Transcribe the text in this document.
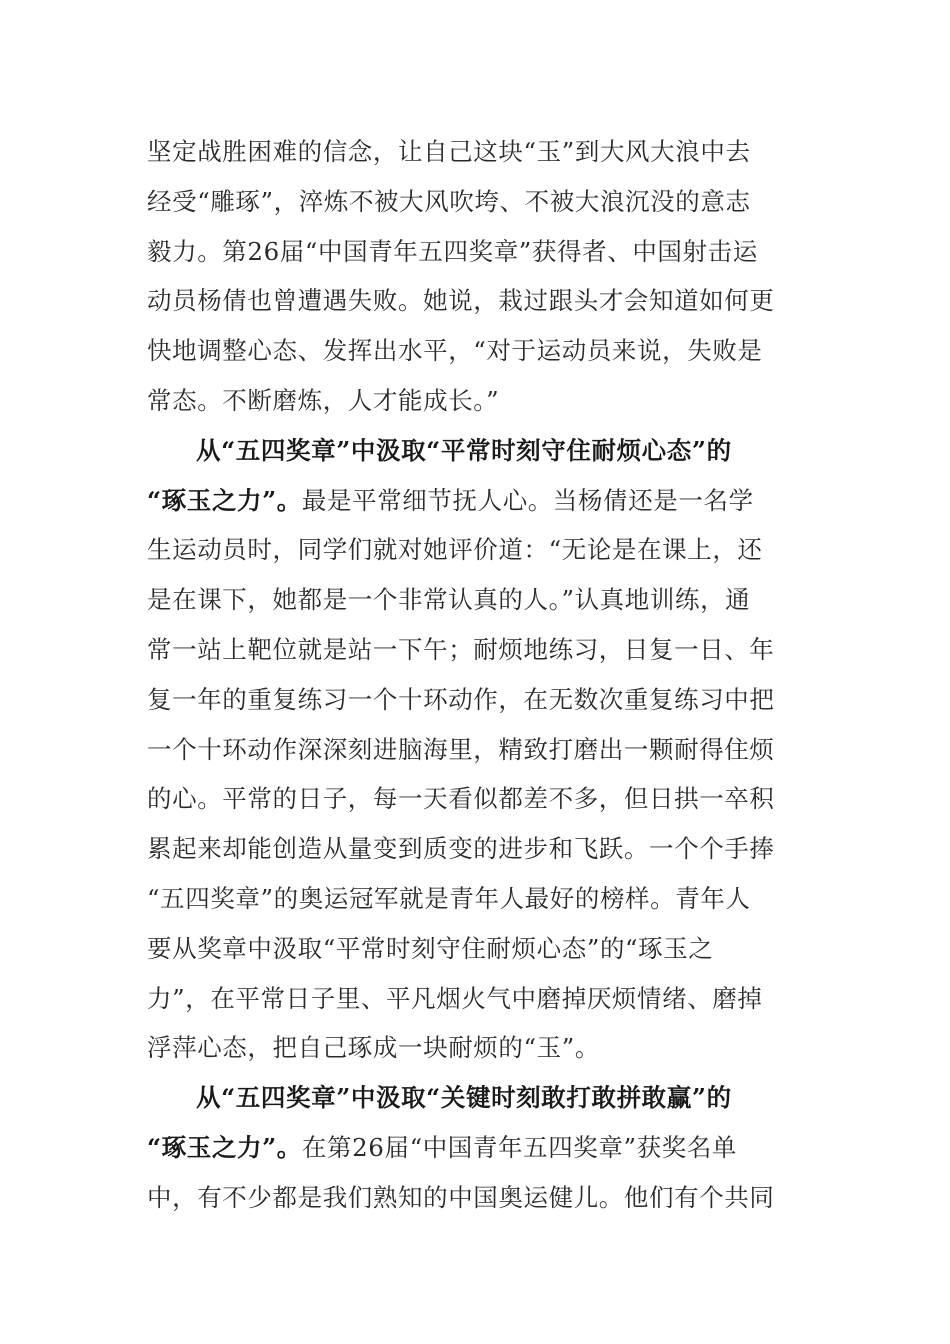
坚定战胜困难的信念，让自己这块“玉”到大风大浪中去
经受“雕琢”，淬炼不被大风吹垮、不被大浪沉没的意志
毅力。第26届“中国青年五四奖章”获得者、中国射击运
动员杨倩也曾遭遇失败。她说，栽过跟头才会知道如何更
快地调整心态、发挥出水平，“对于运动员来说，失败是
常态。不断磨炼，人才能成长。”
从“五四奖章”中汲取“平常时刻守住耐烦心态”的
“琢玉之力”。最是平常细节抚人心。当杨倩还是一名学
生运动员时，同学们就对她评价道：“无论是在课上，还
是在课下，她都是一个非常认真的人。”认真地训练，通
常一站上靶位就是站一下午；耐烦地练习，日复一日、年
复一年的重复练习一个十环动作，在无数次重复练习中把
一个十环动作深深刻进脑海里，精致打磨出一颗耐得住烦
的心。平常的日子，每一天看似都差不多，但日拱一卒积
累起来却能创造从量变到质变的进步和飞跃。一个个手捧
“五四奖章”的奥运冠军就是青年人最好的榜样。青年人
要从奖章中汲取“平常时刻守住耐烦心态”的“琢玉之
力”，在平常日子里、平凡烟火气中磨掉厌烦情绪、磨掉
浮萍心态，把自己琢成一块耐烦的“玉”。
从“五四奖章”中汲取“关键时刻敢打敢拼敢赢”的
“琢玉之力”。在第26届“中国青年五四奖章”获奖名单
中，有不少都是我们熟知的中国奥运健儿。他们有个共同
